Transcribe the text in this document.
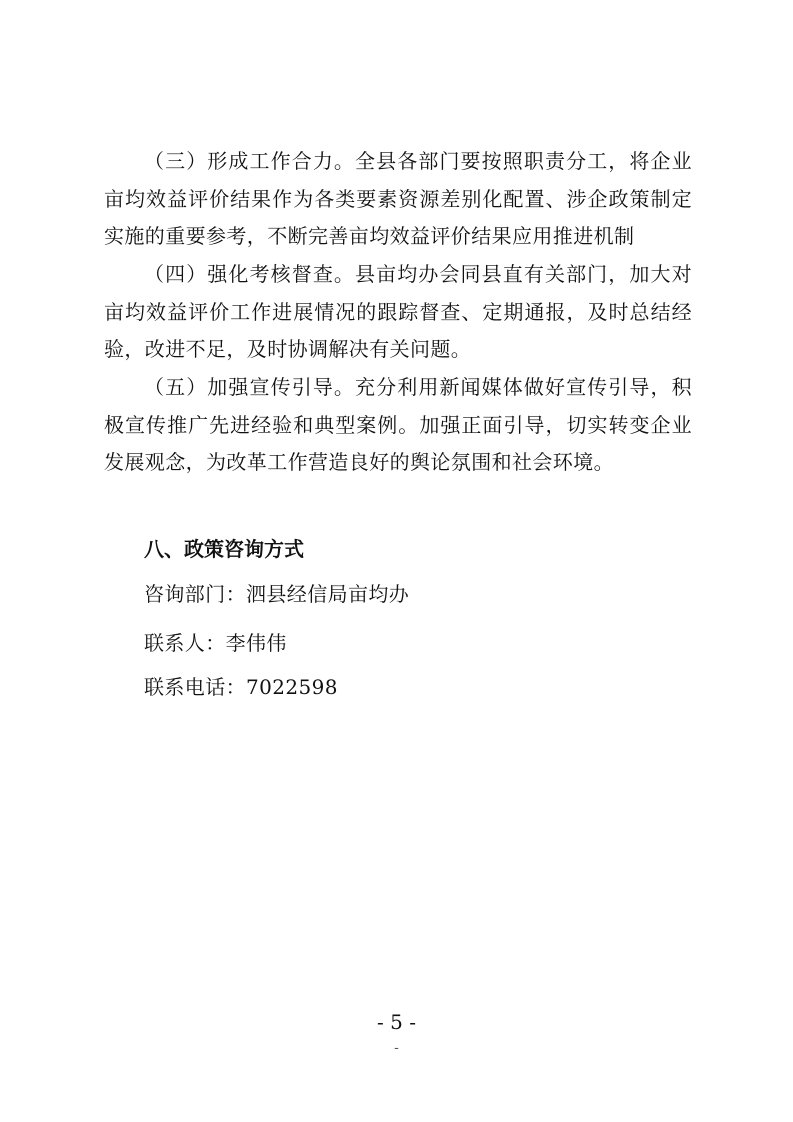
（三）形成工作合力。全县各部门要按照职责分工，将企业亩均效益评价结果作为各类要素资源差别化配置、涉企政策制定实施的重要参考，不断完善亩均效益评价结果应用推进机制

（四）强化考核督查。县亩均办会同县直有关部门，加大对亩均效益评价工作进展情况的跟踪督查、定期通报，及时总结经验，改进不足，及时协调解决有关问题。

（五）加强宣传引导。充分利用新闻媒体做好宣传引导，积极宣传推广先进经验和典型案例。加强正面引导，切实转变企业发展观念，为改革工作营造良好的舆论氛围和社会环境。

八、政策咨询方式

咨询部门：泗县经信局亩均办

联系人：李伟伟

联系电话：7022598

- 5 -
-
